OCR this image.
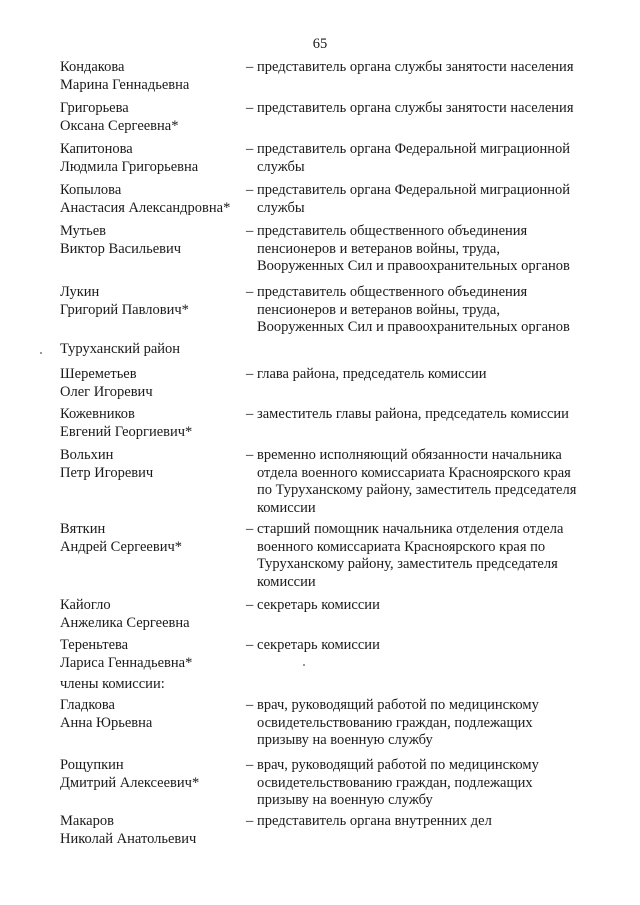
65
Туруханский район
члены комиссии:
Кондакова
Марина Геннадьевна
– представитель органа службы занятости населения
Григорьева
Оксана Сергеевна*
– представитель органа службы занятости населения
Капитонова
Людмила Григорьевна
– представитель органа Федеральной миграционной
службы
Копылова
Анастасия Александровна*
– представитель органа Федеральной миграционной
службы
Мутьев
Виктор Васильевич
– представитель общественного объединения
пенсионеров и ветеранов войны, труда,
Вооруженных Сил и правоохранительных органов
Лукин
Григорий Павлович*
– представитель общественного объединения
пенсионеров и ветеранов войны, труда,
Вооруженных Сил и правоохранительных органов
Шереметьев
Олег Игоревич
– глава района, председатель комиссии
Кожевников
Евгений Георгиевич*
– заместитель главы района, председатель комиссии
Вольхин
Петр Игоревич
– временно исполняющий обязанности начальника
отдела военного комиссариата Красноярского края
по Туруханскому району, заместитель председателя
комиссии
Вяткин
Андрей Сергеевич*
– старший помощник начальника отделения отдела
военного комиссариата Красноярского края по
Туруханскому району, заместитель председателя
комиссии
Кайогло
Анжелика Сергеевна
– секретарь комиссии
Тереньтева
Лариса Геннадьевна*
– секретарь комиссии
Гладкова
Анна Юрьевна
– врач, руководящий работой по медицинскому
освидетельствованию граждан, подлежащих
призыву на военную службу
Рощупкин
Дмитрий Алексеевич*
– врач, руководящий работой по медицинскому
освидетельствованию граждан, подлежащих
призыву на военную службу
Макаров
Николай Анатольевич
– представитель органа внутренних дел
